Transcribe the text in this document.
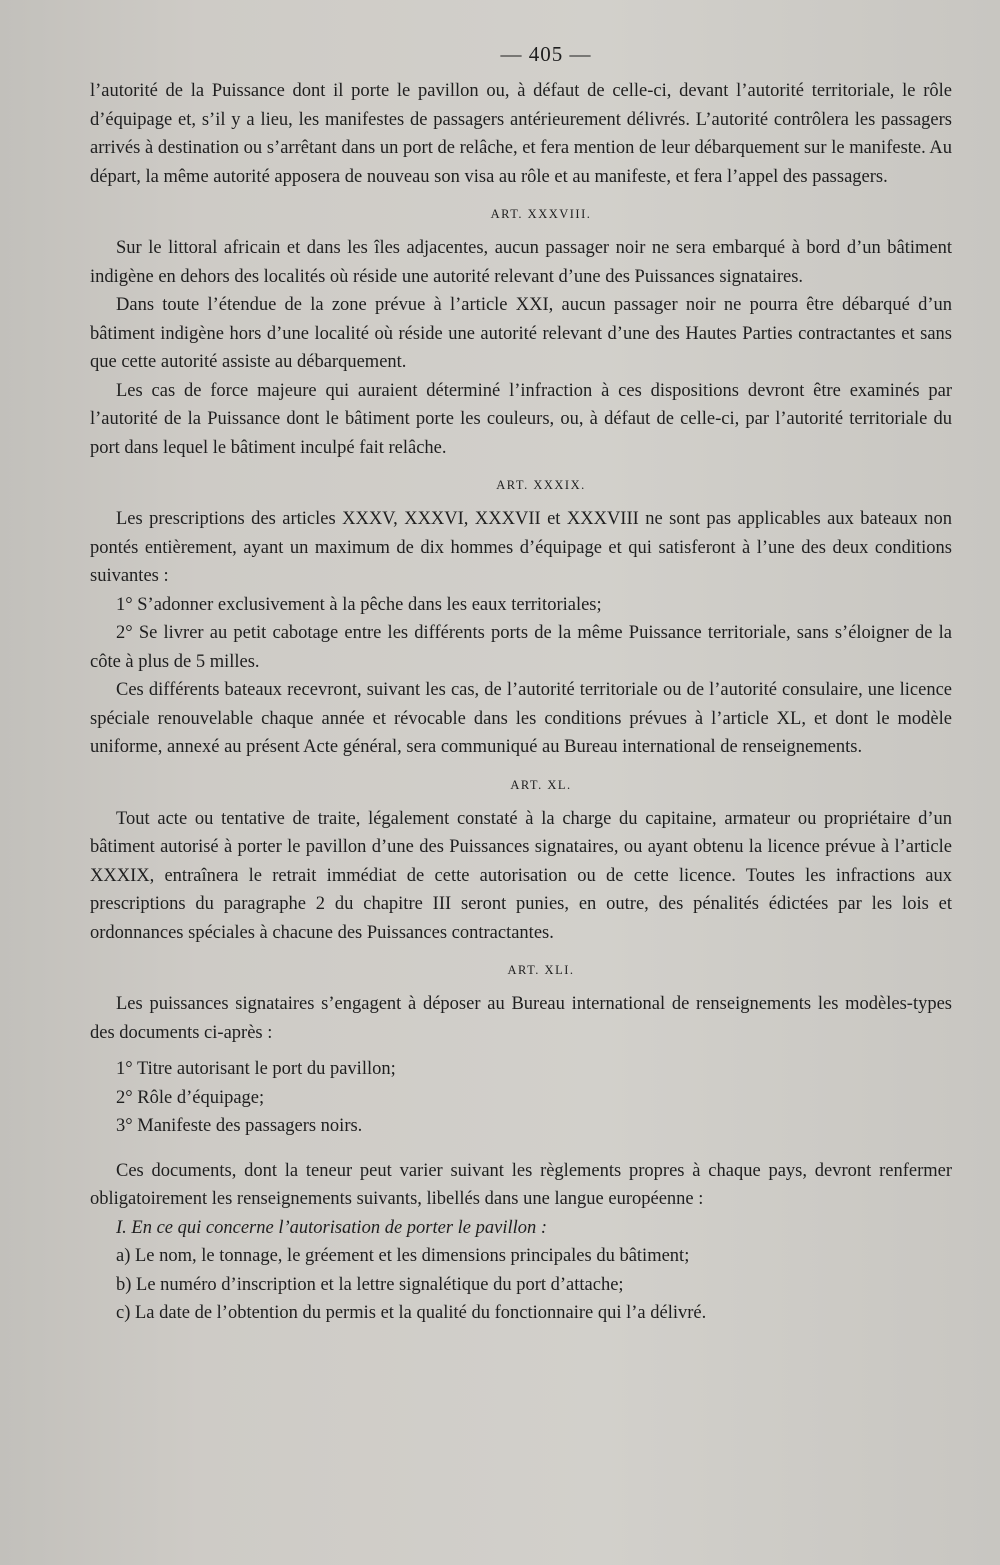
— 405 —

l’autorité de la Puissance dont il porte le pavillon ou, à défaut de celle-ci, devant l’autorité territoriale, le rôle d’équipage et, s’il y a lieu, les manifestes de passagers antérieurement délivrés. L’autorité contrôlera les passagers arrivés à destination ou s’arrêtant dans un port de relâche, et fera mention de leur débarquement sur le manifeste. Au départ, la même autorité apposera de nouveau son visa au rôle et au manifeste, et fera l’appel des passagers.

ART. XXXVIII.

Sur le littoral africain et dans les îles adjacentes, aucun passager noir ne sera embarqué à bord d’un bâtiment indigène en dehors des localités où réside une autorité relevant d’une des Puissances signataires.

Dans toute l’étendue de la zone prévue à l’article XXI, aucun passager noir ne pourra être débarqué d’un bâtiment indigène hors d’une localité où réside une autorité relevant d’une des Hautes Parties contractantes et sans que cette autorité assiste au débarquement.

Les cas de force majeure qui auraient déterminé l’infraction à ces dispositions devront être examinés par l’autorité de la Puissance dont le bâtiment porte les couleurs, ou, à défaut de celle-ci, par l’autorité territoriale du port dans lequel le bâtiment inculpé fait relâche.

ART. XXXIX.

Les prescriptions des articles XXXV, XXXVI, XXXVII et XXXVIII ne sont pas applicables aux bateaux non pontés entièrement, ayant un maximum de dix hommes d’équipage et qui satisferont à l’une des deux conditions suivantes :

1° S’adonner exclusivement à la pêche dans les eaux territoriales;

2° Se livrer au petit cabotage entre les différents ports de la même Puissance territoriale, sans s’éloigner de la côte à plus de 5 milles.

Ces différents bateaux recevront, suivant les cas, de l’autorité territoriale ou de l’autorité consulaire, une licence spéciale renouvelable chaque année et révocable dans les conditions prévues à l’article XL, et dont le modèle uniforme, annexé au présent Acte général, sera communiqué au Bureau international de renseignements.

ART. XL.

Tout acte ou tentative de traite, légalement constaté à la charge du capitaine, armateur ou propriétaire d’un bâtiment autorisé à porter le pavillon d’une des Puissances signataires, ou ayant obtenu la licence prévue à l’article XXXIX, entraînera le retrait immédiat de cette autorisation ou de cette licence. Toutes les infractions aux prescriptions du paragraphe 2 du chapitre III seront punies, en outre, des pénalités édictées par les lois et ordonnances spéciales à chacune des Puissances contractantes.

ART. XLI.

Les puissances signataires s’engagent à déposer au Bureau international de renseignements les modèles-types des documents ci-après :

1° Titre autorisant le port du pavillon;

2° Rôle d’équipage;

3° Manifeste des passagers noirs.

Ces documents, dont la teneur peut varier suivant les règlements propres à chaque pays, devront renfermer obligatoirement les renseignements suivants, libellés dans une langue européenne :

I. En ce qui concerne l’autorisation de porter le pavillon :

a) Le nom, le tonnage, le gréement et les dimensions principales du bâtiment;

b) Le numéro d’inscription et la lettre signalétique du port d’attache;

c) La date de l’obtention du permis et la qualité du fonctionnaire qui l’a délivré.
